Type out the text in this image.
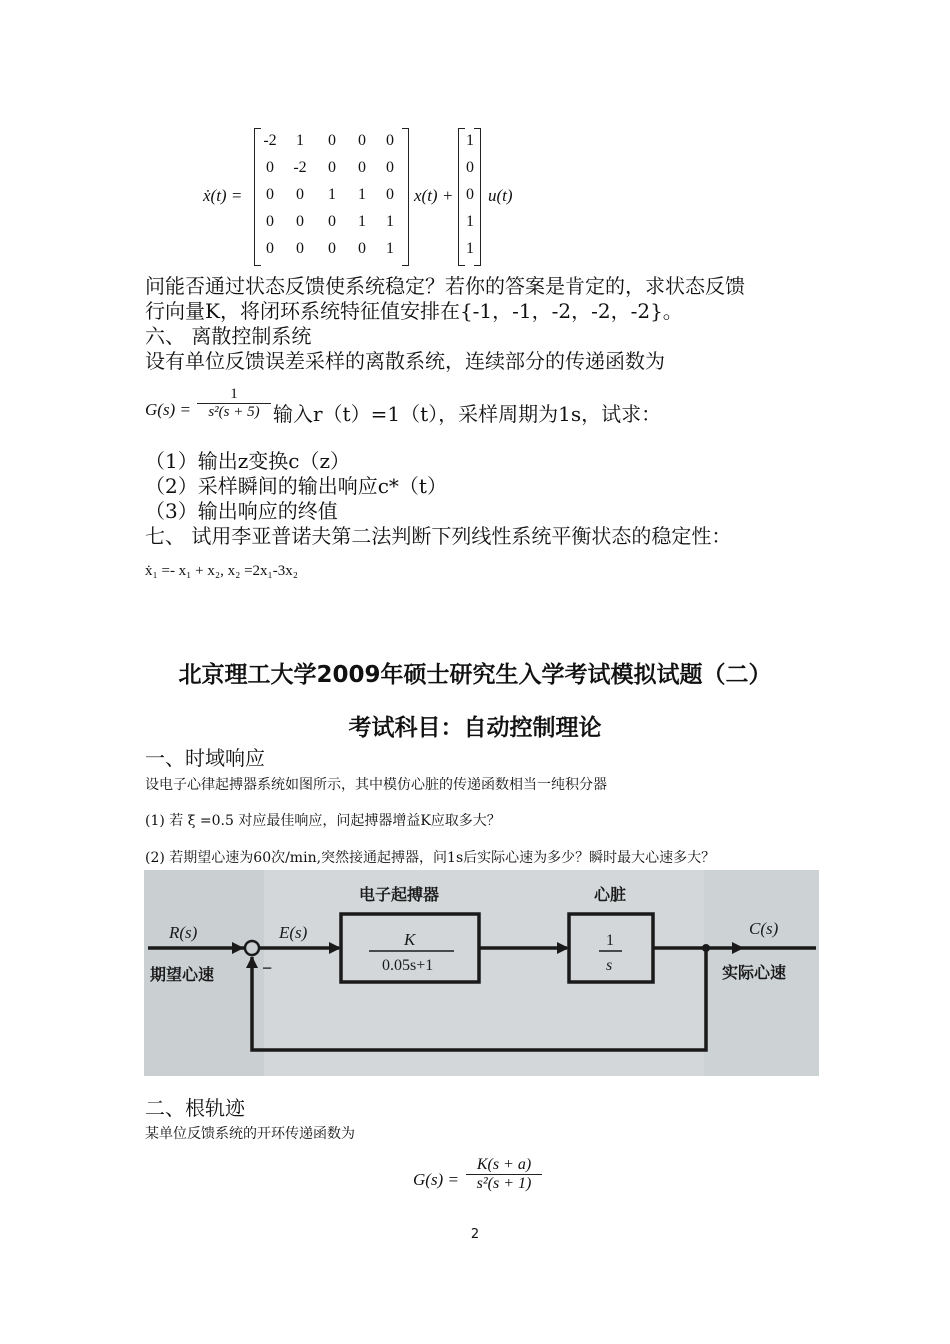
ẋ(t) =
-2	1	0	0	0
0	-2	0	0	0
0	0	1	1	0
0	0	0	1	1
0	0	0	0	1
x(t) +
1
0
0
1
1
u(t)
问能否通过状态反馈使系统稳定？若你的答案是肯定的，求状态反馈
行向量K，将闭环系统特征值安排在{-1，-1，-2，-2，-2}。
六、 离散控制系统
设有单位反馈误差采样的离散系统，连续部分的传递函数为
$G(s) = \frac{1}{\text{s²(s + 5)}}$ 输入r（t）=1（t），采样周期为1s，试求：
（1）输出z变换c（z）
（2）采样瞬间的输出响应c*（t）
（3）输出响应的终值
七、 试用李亚普诺夫第二法判断下列线性系统平衡状态的稳定性：
ẋ₁ =- x₁ + x₂, x₂ =2x₁-3x₂
北京理工大学2009年硕士研究生入学考试模拟试题（二）
考试科目：自动控制理论
一、时域响应
设电子心律起搏器系统如图所示，其中模仿心脏的传递函数相当一纯积分器
(1) 若 ξ =0.5 对应最佳响应，问起搏器增益K应取多大？
(2) 若期望心速为60次/min,突然接通起搏器，问1s后实际心速为多少？瞬时最大心速多大？
R(s)
期望心速
E(s)
−
电子起搏器
K
0.05s+1
心脏
1
s
C(s)
实际心速
二、根轨迹
某单位反馈系统的开环传递函数为
$G(s) = \frac{K(s + a)}{\text{s²(s + 1)}}$
2
